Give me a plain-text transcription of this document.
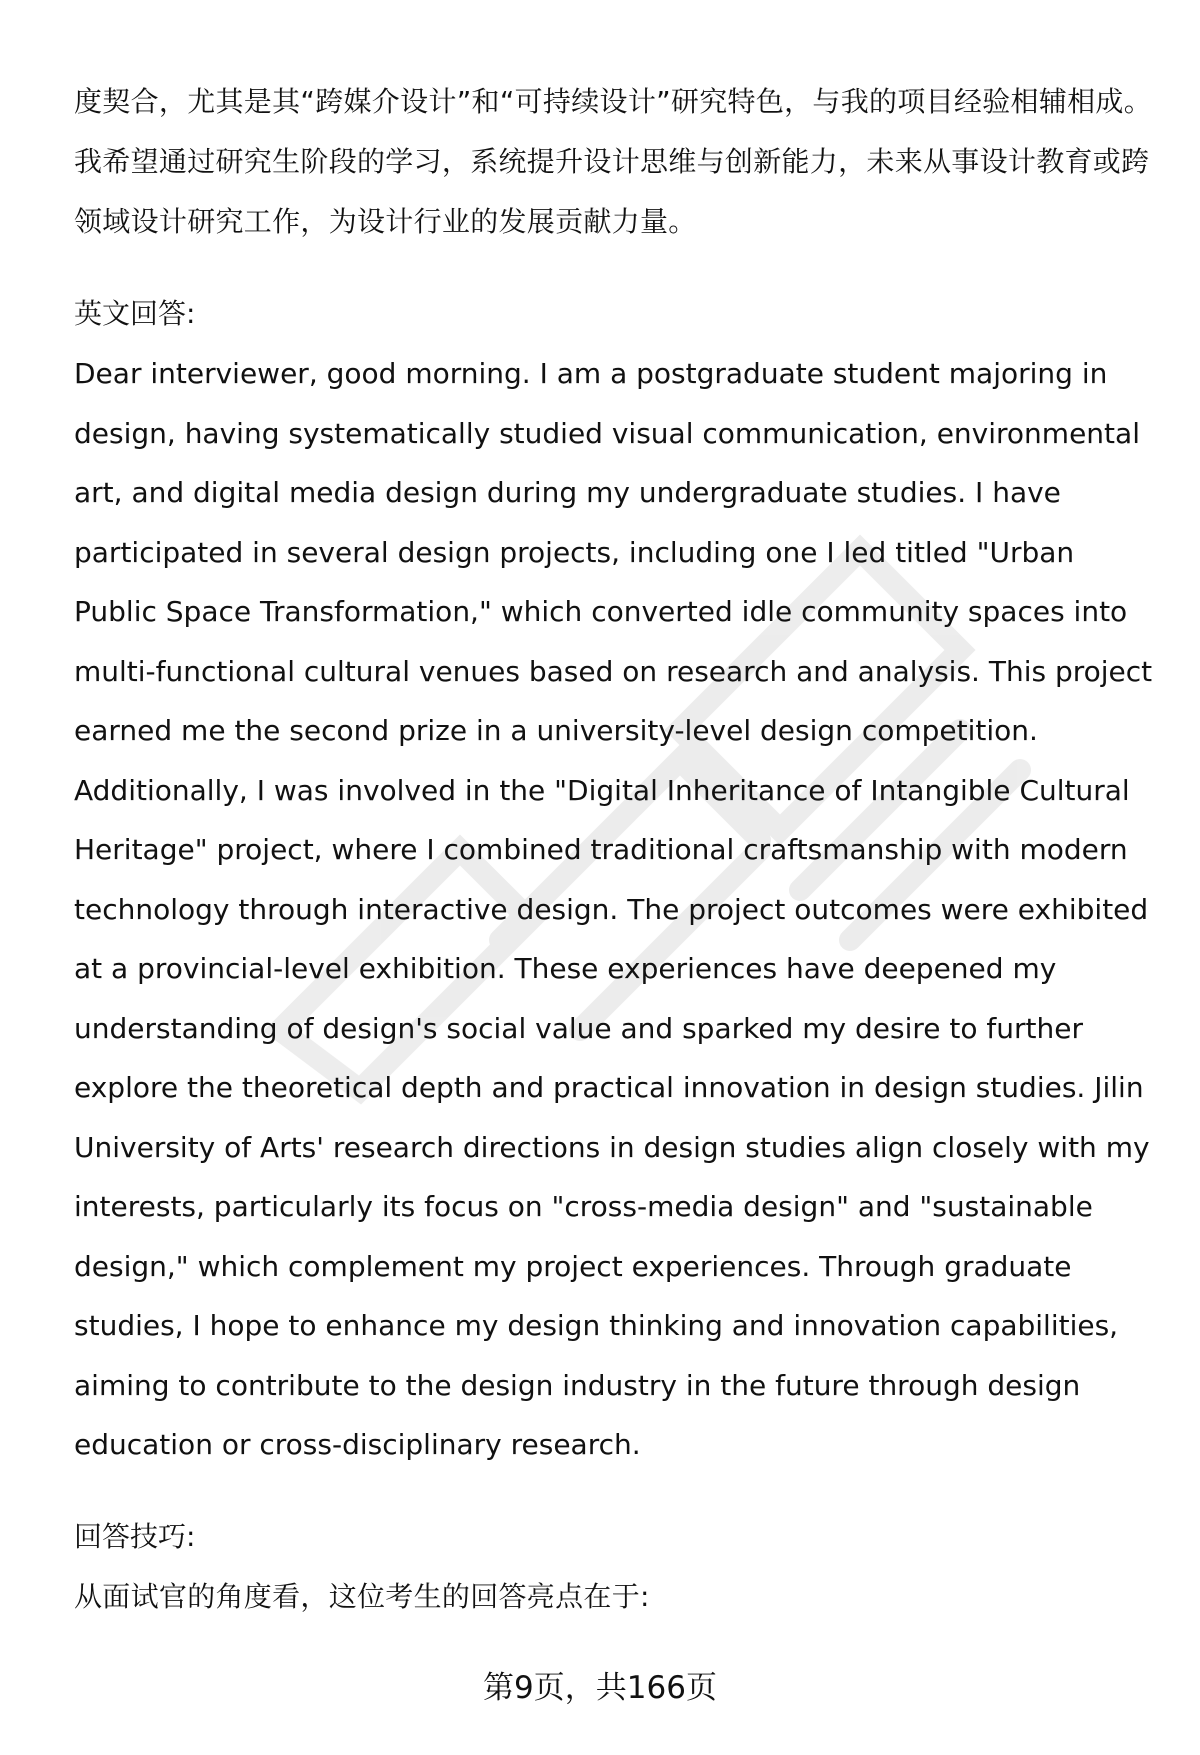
度契合，尤其是其“跨媒介设计”和“可持续设计”研究特色，与我的项目经验相辅相成。我希望通过研究生阶段的学习，系统提升设计思维与创新能力，未来从事设计教育或跨领域设计研究工作，为设计行业的发展贡献力量。

英文回答:

Dear interviewer, good morning. I am a postgraduate student majoring in design, having systematically studied visual communication, environmental art, and digital media design during my undergraduate studies. I have participated in several design projects, including one I led titled "Urban Public Space Transformation," which converted idle community spaces into multi-functional cultural venues based on research and analysis. This project earned me the second prize in a university-level design competition. Additionally, I was involved in the "Digital Inheritance of Intangible Cultural Heritage" project, where I combined traditional craftsmanship with modern technology through interactive design. The project outcomes were exhibited at a provincial-level exhibition. These experiences have deepened my understanding of design's social value and sparked my desire to further explore the theoretical depth and practical innovation in design studies. Jilin University of Arts' research directions in design studies align closely with my interests, particularly its focus on "cross-media design" and "sustainable design," which complement my project experiences. Through graduate studies, I hope to enhance my design thinking and innovation capabilities, aiming to contribute to the design industry in the future through design education or cross-disciplinary research.

回答技巧:

从面试官的角度看，这位考生的回答亮点在于:

第9页，共166页
